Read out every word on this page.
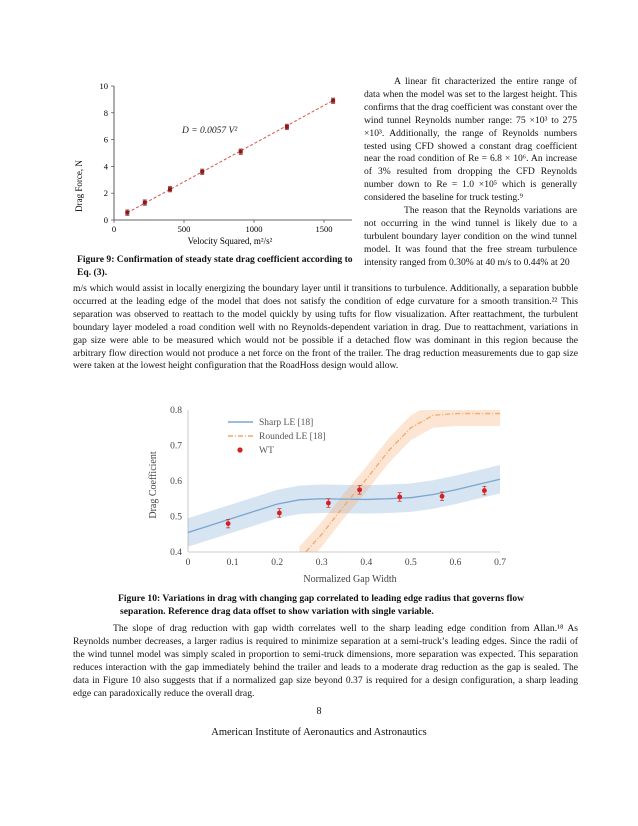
0	500	1000	1500
0
2
4
6
8
10
D = 0.0057 V²
Drag Force, N
Velocity Squared, m²/s²
Figure 9: Confirmation of steady state drag coefficient according to Eq. (3).

A linear fit characterized the entire range of data when the model was set to the largest height. This confirms that the drag coefficient was constant over the wind tunnel Reynolds number range: 75 ×10³ to 275 ×10³. Additionally, the range of Reynolds numbers tested using CFD showed a constant drag coefficient near the road condition of Re = 6.8 × 10⁶. An increase of 3% resulted from dropping the CFD Reynolds number down to Re = 1.0 ×10⁵ which is generally considered the baseline for truck testing.⁹

The reason that the Reynolds variations are not occurring in the wind tunnel is likely due to a turbulent boundary layer condition on the wind tunnel model. It was found that the free stream turbulence intensity ranged from 0.30% at 40 m/s to 0.44% at 20

m/s which would assist in locally energizing the boundary layer until it transitions to turbulence. Additionally, a separation bubble occurred at the leading edge of the model that does not satisfy the condition of edge curvature for a smooth transition.²² This separation was observed to reattach to the model quickly by using tufts for flow visualization. After reattachment, the turbulent boundary layer modeled a road condition well with no Reynolds-dependent variation in drag. Due to reattachment, variations in gap size were able to be measured which would not be possible if a detached flow was dominant in this region because the arbitrary flow direction would not produce a net force on the front of the trailer. The drag reduction measurements due to gap size were taken at the lowest height configuration that the RoadHoss design would allow.

0	0.1	0.2	0.3	0.4	0.5	0.6	0.7
0.4
0.5
0.6
0.7
0.8
Sharp LE [18]
Rounded LE [18]
WT
Drag Coefficient
Normalized Gap Width
Figure 10: Variations in drag with changing gap correlated to leading edge radius that governs flow separation. Reference drag data offset to show variation with single variable.

The slope of drag reduction with gap width correlates well to the sharp leading edge condition from Allan.¹⁸ As Reynolds number decreases, a larger radius is required to minimize separation at a semi-truck’s leading edges. Since the radii of the wind tunnel model was simply scaled in proportion to semi-truck dimensions, more separation was expected. This separation reduces interaction with the gap immediately behind the trailer and leads to a moderate drag reduction as the gap is sealed. The data in Figure 10 also suggests that if a normalized gap size beyond 0.37 is required for a design configuration, a sharp leading edge can paradoxically reduce the overall drag.

8
American Institute of Aeronautics and Astronautics
